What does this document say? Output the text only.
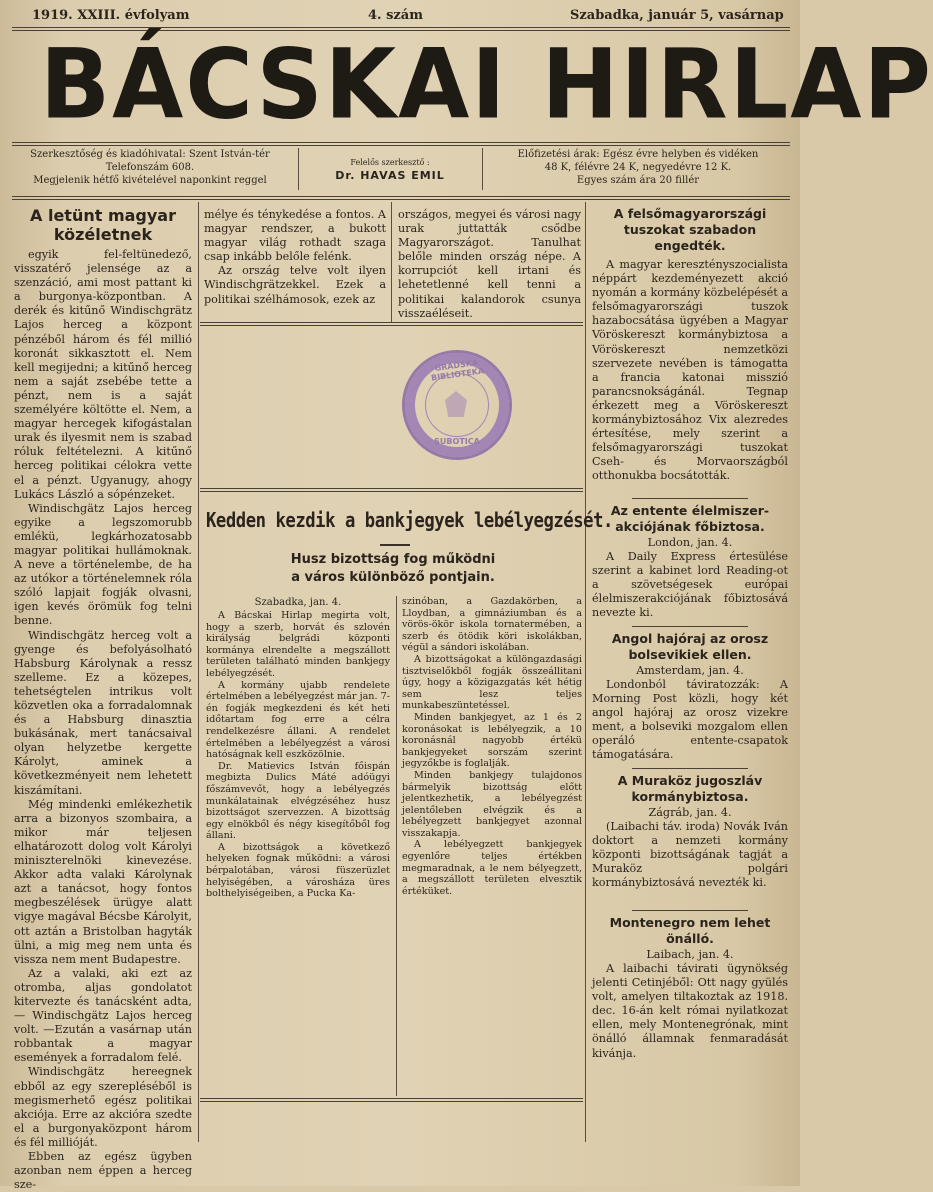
1919. XXIII. évfolyam	4. szám	Szabadka, január 5, vasárnap
BÁCSKAI HIRLAP
Szerkesztőség és kiadóhivatal: Szent István-tér
Telefonszám 608.
Megjelenik hétfő kivételével naponkint reggel
Felelős szerkesztő :
Dr. HAVAS EMIL
Előfizetési árak: Egész évre helyben és vidéken
48 K, félévre 24 K, negyedévre 12 K.
Egyes szám ára 20 fillér
A letünt magyar
közéletnek

egyik fel-feltünedező, visszatérő jelensége az a szenzáció, ami most pattant ki a burgonya-központban. A derék és kitűnő Windischgrätz Lajos herceg a központ pénzéből három és fél millió koronát sikkasztott el. Nem kell megijedni; a kitűnő herceg nem a saját zsebébe tette a pénzt, nem is a saját személyére költötte el. Nem, a magyar hercegek kifogástalan urak és ilyesmit nem is szabad róluk feltételezni. A kitűnő herceg politikai célokra vette el a pénzt. Ugyanugy, ahogy Lukács László a sópénzeket.

Windischgätz Lajos herceg egyike a legszomorubb emlékü, legkárhozatosabb magyar politikai hullámoknak. A neve a történelembe, de ha az utókor a történelemnek róla szóló lapjait fogják olvasni, igen kevés örömük fog telni benne.

Windischgätz herceg volt a gyenge és befolyásolható Habsburg Károlynak a ressz szelleme. Ez a közepes, tehetségtelen intrikus volt közvetlen oka a forradalomnak és a Habsburg dinasztia bukásának, mert tanácsaival olyan helyzetbe kergette Károlyt, aminek a következményeit nem lehetett kiszámítani.

Még mindenki emlékezhetik arra a bizonyos szombaira, a mikor már teljesen elhatározott dolog volt Károlyi miniszterelnöki kinevezése. Akkor adta valaki Károlynak azt a tanácsot, hogy fontos megbeszélések ürügye alatt vigye magával Bécsbe Károlyit, ott aztán a Bristolban hagyták ülni, a mig meg nem unta és vissza nem ment Budapestre.

Az a valaki, aki ezt az otromba, aljas gondolatot kitervezte és tanácsként adta, — Windischgätz Lajos herceg volt. —Ezután a vasárnap után robbantak a magyar események a forradalom felé.

Windischgätz hereegnek ebből az egy szerepléséből is megismerhető egész politikai akciója. Erre az akcióra szedte el a burgonyaközpont három és fél millióját.

Ebben az egész ügyben azonban nem éppen a herceg sze-

mélye és ténykedése a fontos. A magyar rendszer, a bukott magyar világ rothadt szaga csap inkább belőle felénk.

Az ország telve volt ilyen Windischgrätzekkel. Ezek a politikai szélhámosok, ezek az

országos, megyei és városi nagy urak juttatták csődbe Magyarországot. Tanulhat belőle minden ország népe. A korrupciót kell irtani és lehetetlenné kell tenni a politikai kalandorok csunya visszaéléseit.

GRADSKA BIBLIOTEKA
SUBOTICA
Kedden kezdik a bankjegyek lebélyegzését.
Husz bizottság fog működni
a város különböző pontjain.
Szabadka, jan. 4.

A Bácskai Hirlap megirta volt, hogy a szerb, horvát és szlovén királyság belgrádi központi kormánya elrendelte a megszállott területen található minden bankjegy lebélyegzését.

A kormány ujabb rendelete értelmében a lebélyegzést már jan. 7-én fogják megkezdeni és két heti időtartam fog erre a célra rendelkezésre állani. A rendelet értelmében a lebélyegzést a városi hatóságnak kell eszközölnie.

Dr. Matievics István főispán megbizta Dulics Máté adóügyi főszámvevőt, hogy a lebélyegzés munkálatainak elvégzéséhez husz bizottságot szervezzen. A bizottság egy elnökből és négy kisegítőből fog állani.

A bizottságok a következő helyeken fognak működni: a városi bérpalotában, városi füszerüzlet helyiségében, a városháza üres bolthelyiségeiben, a Pucka Ka-

szinóban, a Gazdakörben, a Lloydban, a gimnáziumban és a vörös-ökör iskola tornatermében, a szerb és ötödik köri iskolákban, végül a sándori iskolában.

A bizottságokat a különgazdasági tisztviselőkből fogják összeállitani úgy, hogy a közigazgatás két hétig sem lesz teljes munkabeszüntetéssel.

Minden bankjegyet, az 1 és 2 koronásokat is lebélyegzik, a 10 koronásnál nagyobb értékü bankjegyeket sorszám szerint jegyzőkbe is foglalják.

Minden bankjegy tulajdonos bármelyik bizottság előtt jelentkezhetik, a lebélyegzést jelentőleben elvégzik és a lebélyegzett bankjegyet azonnal visszakapja.

A lebélyegzett bankjegyek egyenlőre teljes értékben megmaradnak, a le nem bélyegzett, a megszállott területen elvesztik értéküket.

A felsőmagyarországi tuszokat szabadon engedték.

A magyar keresztényszocialista néppárt kezdeményezett akció nyomán a kormány közbelépését a felsőmagyarországi tuszok hazabocsátása ügyében a Magyar Vöröskereszt kormánybiztosa a Vöröskereszt nemzetközi szervezete nevében is támogatta a francia katonai misszió parancsnokságánál. Tegnap érkezett meg a Vöröskereszt kormánybiztosához Vix alezredes értesítése, mely szerint a felsőmagyarországi tuszokat Cseh- és Morvaországból otthonukba bocsátották.

Az entente élelmiszer-akciójának főbiztosa.
London, jan. 4.

A Daily Express értesülése szerint a kabinet lord Reading-ot a szövetségesek európai élelmiszerakciójának főbiztosává nevezte ki.

Angol hajóraj az orosz bolsevikiek ellen.
Amsterdam, jan. 4.

Londonból táviratozzák: A Morning Post közli, hogy két angol hajóraj az orosz vizekre ment, a bolseviki mozgalom ellen operáló entente-csapatok támogatására.

A Muraköz jugoszláv kormánybiztosa.
Zágráb, jan. 4.

(Laibachi táv. iroda) Novák Iván doktort a nemzeti kormány központi bizottságának tagját a Muraköz polgári kormánybiztosává nevezték ki.

Montenegro nem lehet önálló.
Laibach, jan. 4.

A laibachi távirati ügynökség jelenti Cetinjéből: Ott nagy gyülés volt, amelyen tiltakoztak az 1918. dec. 16-án kelt római nyilatkozat ellen, mely Montenegrónak, mint önálló államnak fenmaradását kivánja.
